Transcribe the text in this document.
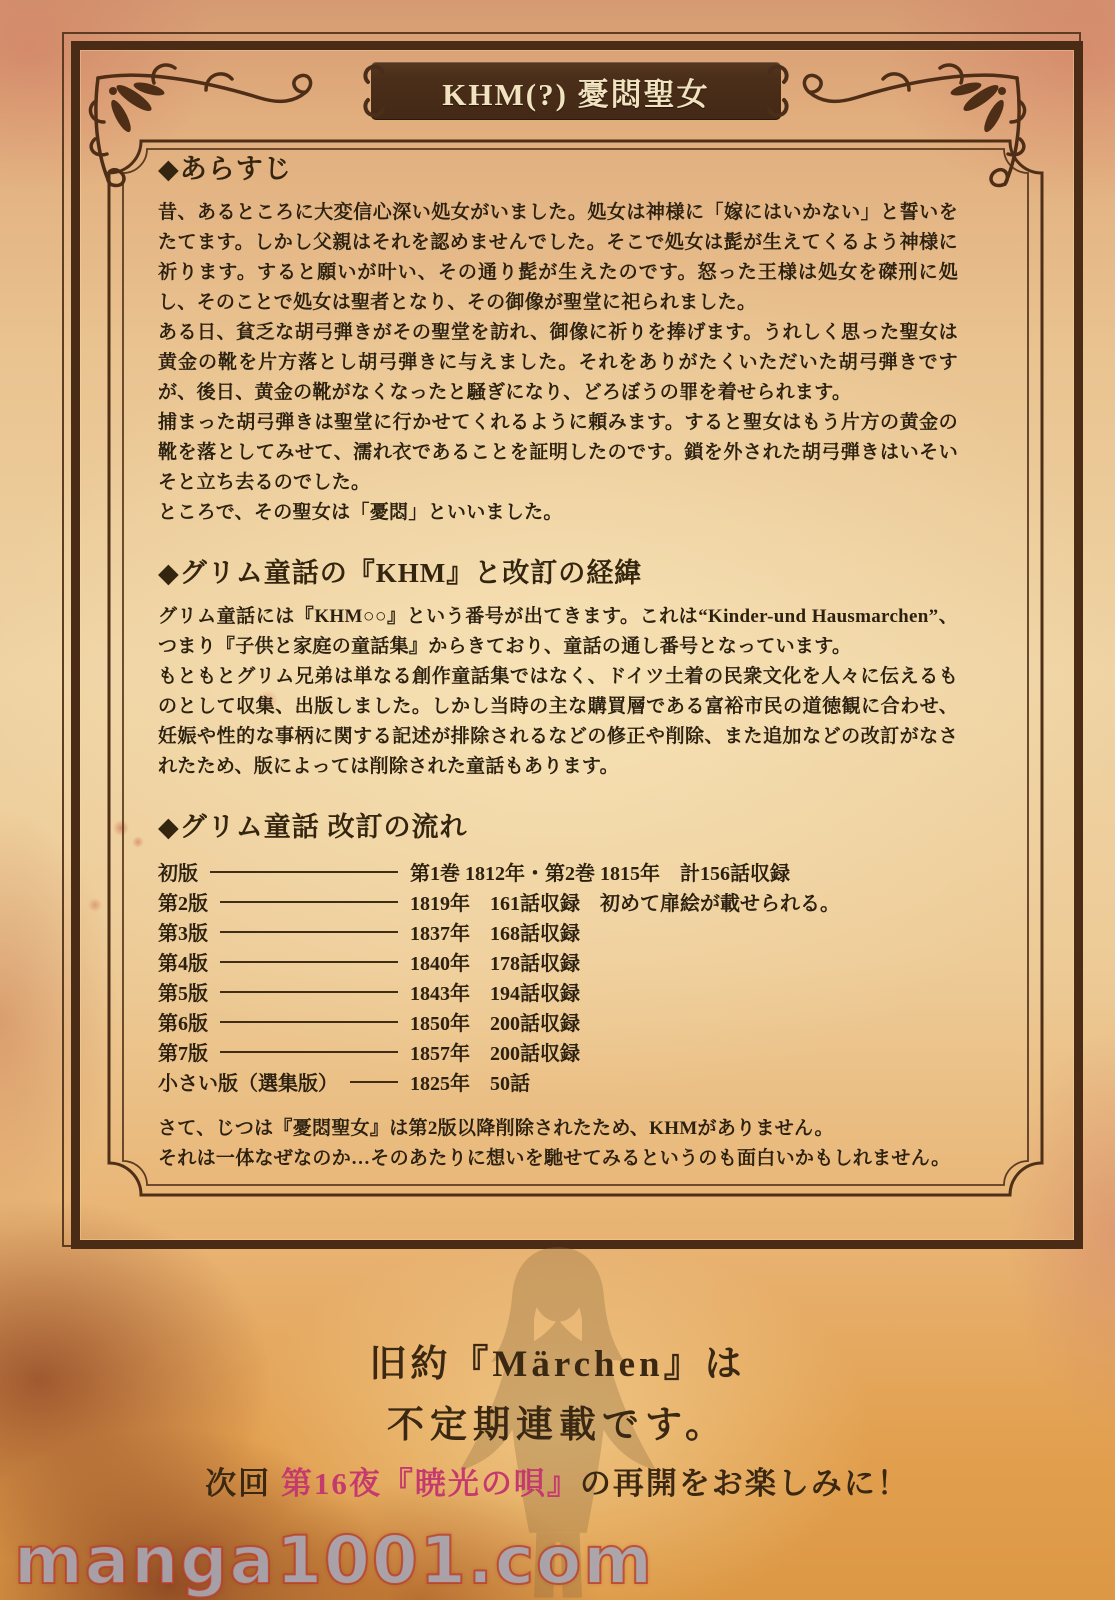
KHM(?) 憂悶聖女
◆あらすじ

昔、あるところに大変信心深い処女がいました。処女は神様に「嫁にはいかない」と誓いをたてます。しかし父親はそれを認めませんでした。そこで処女は髭が生えてくるよう神様に祈ります。すると願いが叶い、その通り髭が生えたのです。怒った王様は処女を磔刑に処し、そのことで処女は聖者となり、その御像が聖堂に祀られました。

ある日、貧乏な胡弓弾きがその聖堂を訪れ、御像に祈りを捧げます。うれしく思った聖女は黄金の靴を片方落とし胡弓弾きに与えました。それをありがたくいただいた胡弓弾きですが、後日、黄金の靴がなくなったと騒ぎになり、どろぼうの罪を着せられます。

捕まった胡弓弾きは聖堂に行かせてくれるように頼みます。すると聖女はもう片方の黄金の靴を落としてみせて、濡れ衣であることを証明したのです。鎖を外された胡弓弾きはいそいそと立ち去るのでした。

ところで、その聖女は「憂悶」といいました。

◆グリム童話の『KHM』と改訂の経緯

グリム童話には『KHM○○』という番号が出てきます。これは“Kinder-und Hausmarchen”、つまり『子供と家庭の童話集』からきており、童話の通し番号となっています。

もともとグリム兄弟は単なる創作童話集ではなく、ドイツ土着の民衆文化を人々に伝えるものとして収集、出版しました。しかし当時の主な購買層である富裕市民の道徳観に合わせ、妊娠や性的な事柄に関する記述が排除されるなどの修正や削除、また追加などの改訂がなされたため、版によっては削除された童話もあります。

◆グリム童話 改訂の流れ
初版	第1巻 1812年・第2巻 1815年　計156話収録
第2版	1819年　161話収録　初めて扉絵が載せられる。
第3版	1837年　168話収録
第4版	1840年　178話収録
第5版	1843年　194話収録
第6版	1850年　200話収録
第7版	1857年　200話収録
小さい版（選集版）	1825年　50話

さて、じつは『憂悶聖女』は第2版以降削除されたため、KHMがありません。

それは一体なぜなのか…そのあたりに想いを馳せてみるというのも面白いかもしれません。

旧約『Märchen』は
不定期連載です。
次回 第16夜『暁光の唄』の再開をお楽しみに！
manga1001.com
